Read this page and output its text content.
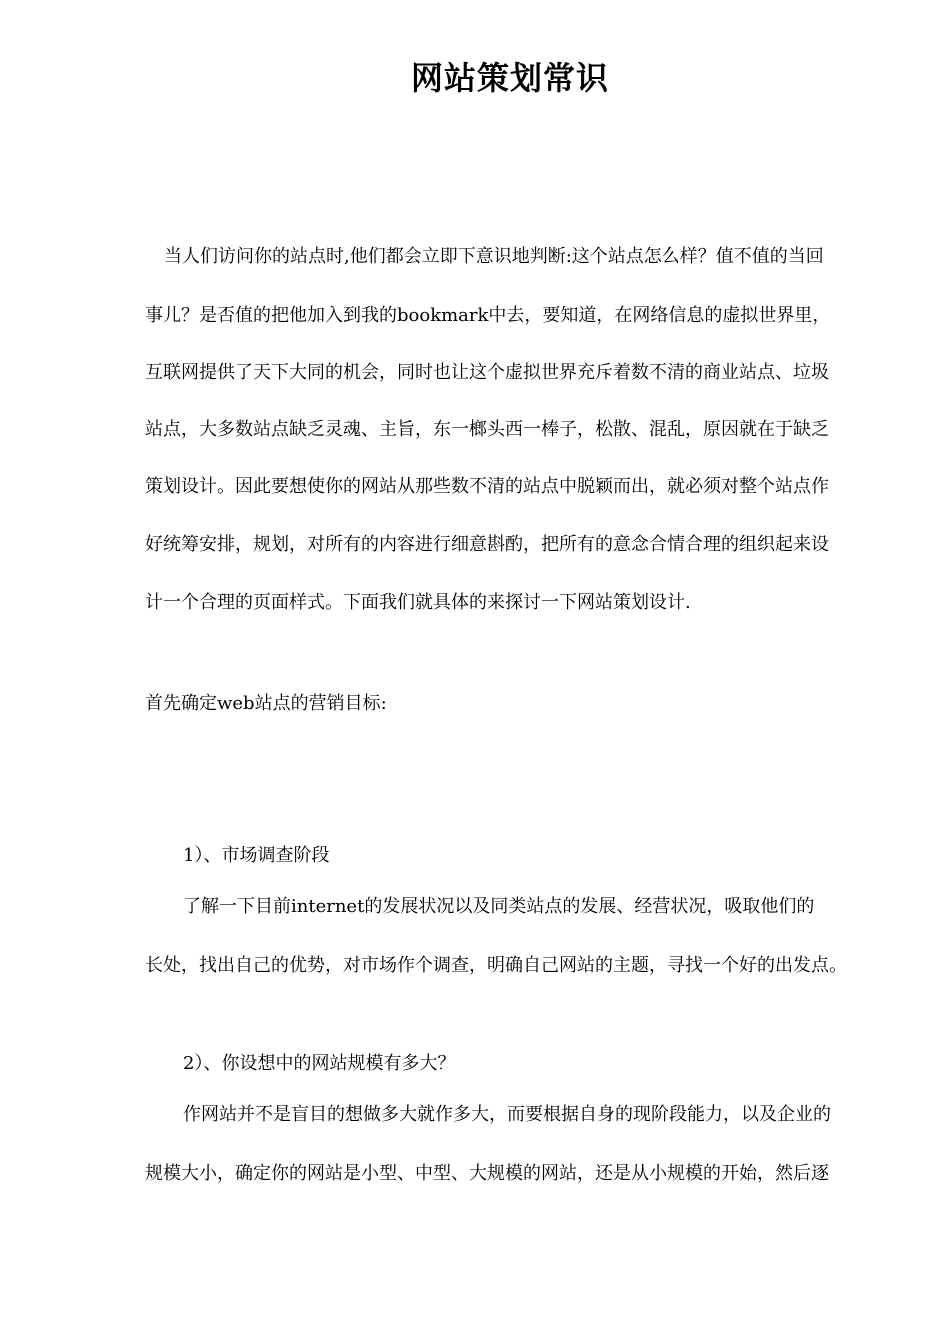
网站策划常识
当人们访问你的站点时,他们都会立即下意识地判断:这个站点怎么样？值不值的当回
事儿？是否值的把他加入到我的bookmark中去，要知道，在网络信息的虚拟世界里，
互联网提供了天下大同的机会，同时也让这个虚拟世界充斥着数不清的商业站点、垃圾
站点，大多数站点缺乏灵魂、主旨，东一榔头西一棒子，松散、混乱，原因就在于缺乏
策划设计。因此要想使你的网站从那些数不清的站点中脱颖而出，就必须对整个站点作
好统筹安排，规划，对所有的内容进行细意斟酌，把所有的意念合情合理的组织起来设
计一个合理的页面样式。下面我们就具体的来探讨一下网站策划设计.
首先确定web站点的营销目标:
1）、市场调查阶段
了解一下目前internet的发展状况以及同类站点的发展、经营状况，吸取他们的
长处，找出自己的优势，对市场作个调查，明确自己网站的主题，寻找一个好的出发点。
2）、你设想中的网站规模有多大？
作网站并不是盲目的想做多大就作多大，而要根据自身的现阶段能力，以及企业的
规模大小，确定你的网站是小型、中型、大规模的网站，还是从小规模的开始，然后逐
